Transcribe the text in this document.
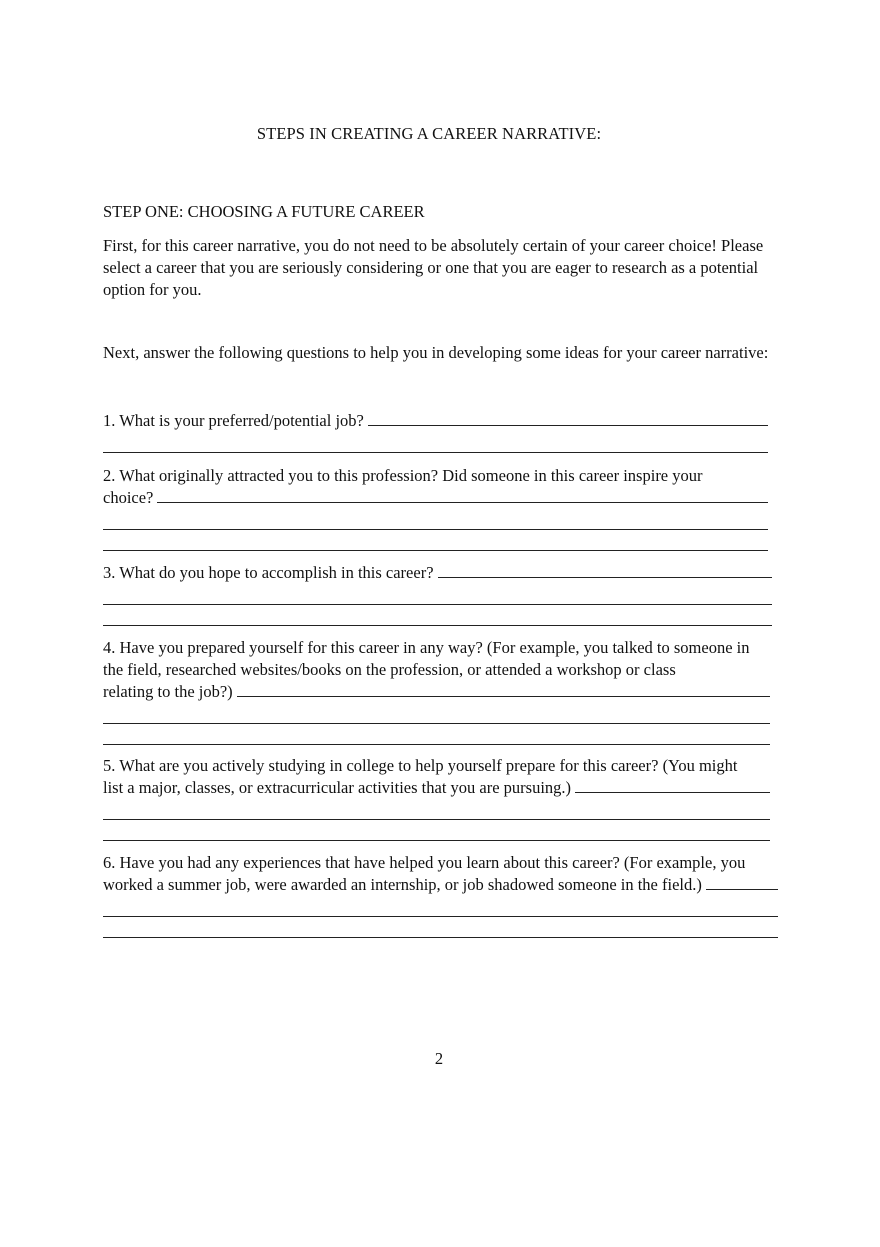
STEPS IN CREATING A CAREER NARRATIVE:
STEP ONE: CHOOSING A FUTURE CAREER
First, for this career narrative, you do not need to be absolutely certain of your career choice! Please select a career that you are seriously considering or one that you are eager to research as a potential option for you.
Next, answer the following questions to help you in developing some ideas for your career narrative:
1. What is your preferred/potential job?
2. What originally attracted you to this profession? Did someone in this career inspire your
choice?
3. What do you hope to accomplish in this career?
4. Have you prepared yourself for this career in any way? (For example, you talked to someone in the field, researched websites/books on the profession, or attended a workshop or class
relating to the job?)
5. What are you actively studying in college to help yourself prepare for this career? (You might
list a major, classes, or extracurricular activities that you are pursuing.)
6. Have you had any experiences that have helped you learn about this career? (For example, you
worked a summer job, were awarded an internship, or job shadowed someone in the field.)
2
